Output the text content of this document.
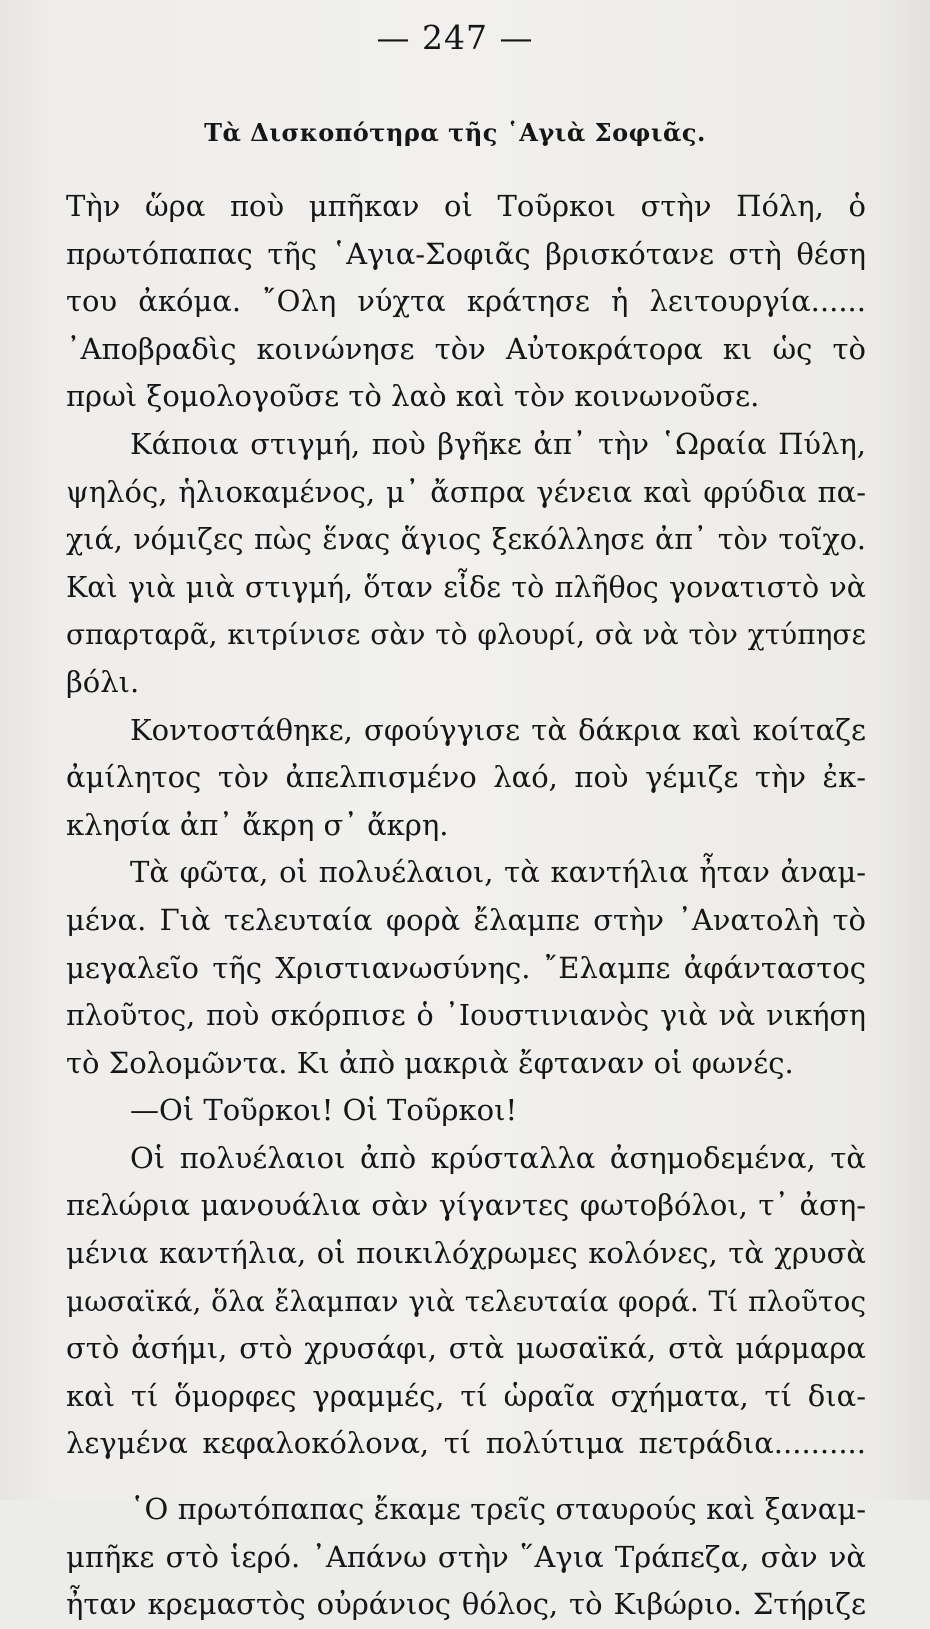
— 247 —
Τὰ Δισκοπότηρα τῆς ῾Αγιὰ Σοφιᾶς.
Τὴν ὥρα ποὺ μπῆκαν οἱ Τοῦρκοι στὴν Πόλη, ὁ
πρωτόπαπας τῆς ῾Αγια-Σοφιᾶς βρισκότανε στὴ θέση
του ἀκόμα. ῎Ολη νύχτα κράτησε ἡ λειτουργία......
᾿Αποβραδὶς κοινώνησε τὸν Αὐτοκράτορα κι ὡς τὸ
πρωὶ ξομολογοῦσε τὸ λαὸ καὶ τὸν κοινωνοῦσε.
Κάποια στιγμή, ποὺ βγῆκε ἀπ᾿ τὴν ῾Ωραία Πύλη,
ψηλός, ἡλιοκαμένος, μ᾿ ἄσπρα γένεια καὶ φρύδια πα-
χιά, νόμιζες πὼς ἕνας ἅγιος ξεκόλλησε ἀπ᾿ τὸν τοῖχο.
Καὶ γιὰ μιὰ στιγμή, ὅταν εἶδε τὸ πλῆθος γονατιστὸ νὰ
σπαρταρᾶ, κιτρίνισε σὰν τὸ φλουρί, σὰ νὰ τὸν χτύπησε
βόλι.
Κοντοστάθηκε, σφούγγισε τὰ δάκρια καὶ κοίταζε
ἀμίλητος τὸν ἀπελπισμένο λαό, ποὺ γέμιζε τὴν ἐκ-
κλησία ἀπ᾿ ἄκρη σ᾿ ἄκρη.
Τὰ φῶτα, οἱ πολυέλαιοι, τὰ καντήλια ἦταν ἀναμ-
μένα. Γιὰ τελευταία φορὰ ἔλαμπε στὴν ᾿Ανατολὴ τὸ
μεγαλεῖο τῆς Χριστιανωσύνης. ῎Ελαμπε ἀφάνταστος
πλοῦτος, ποὺ σκόρπισε ὁ ᾿Ιουστινιανὸς γιὰ νὰ νικήση
τὸ Σολομῶντα. Κι ἀπὸ μακριὰ ἔφταναν οἱ φωνές.
—Οἱ Τοῦρκοι! Οἱ Τοῦρκοι!
Οἱ πολυέλαιοι ἀπὸ κρύσταλλα ἀσημοδεμένα, τὰ
πελώρια μανουάλια σὰν γίγαντες φωτοβόλοι, τ᾿ ἀση-
μένια καντήλια, οἱ ποικιλόχρωμες κολόνες, τὰ χρυσὰ
μωσαϊκά, ὅλα ἔλαμπαν γιὰ τελευταία φορά. Τί πλοῦτος
στὸ ἀσήμι, στὸ χρυσάφι, στὰ μωσαϊκά, στὰ μάρμαρα
καὶ τί ὅμορφες γραμμές, τί ὡραῖα σχήματα, τί δια-
λεγμένα κεφαλοκόλονα, τί πολύτιμα πετράδια..........
῾Ο πρωτόπαπας ἔκαμε τρεῖς σταυρούς καὶ ξαναμ-
μπῆκε στὸ ἱερό. ᾿Απάνω στὴν ῞Αγια Τράπεζα, σὰν νὰ
ἦταν κρεμαστὸς οὐράνιος θόλος, τὸ Κιβώριο. Στήριζε
